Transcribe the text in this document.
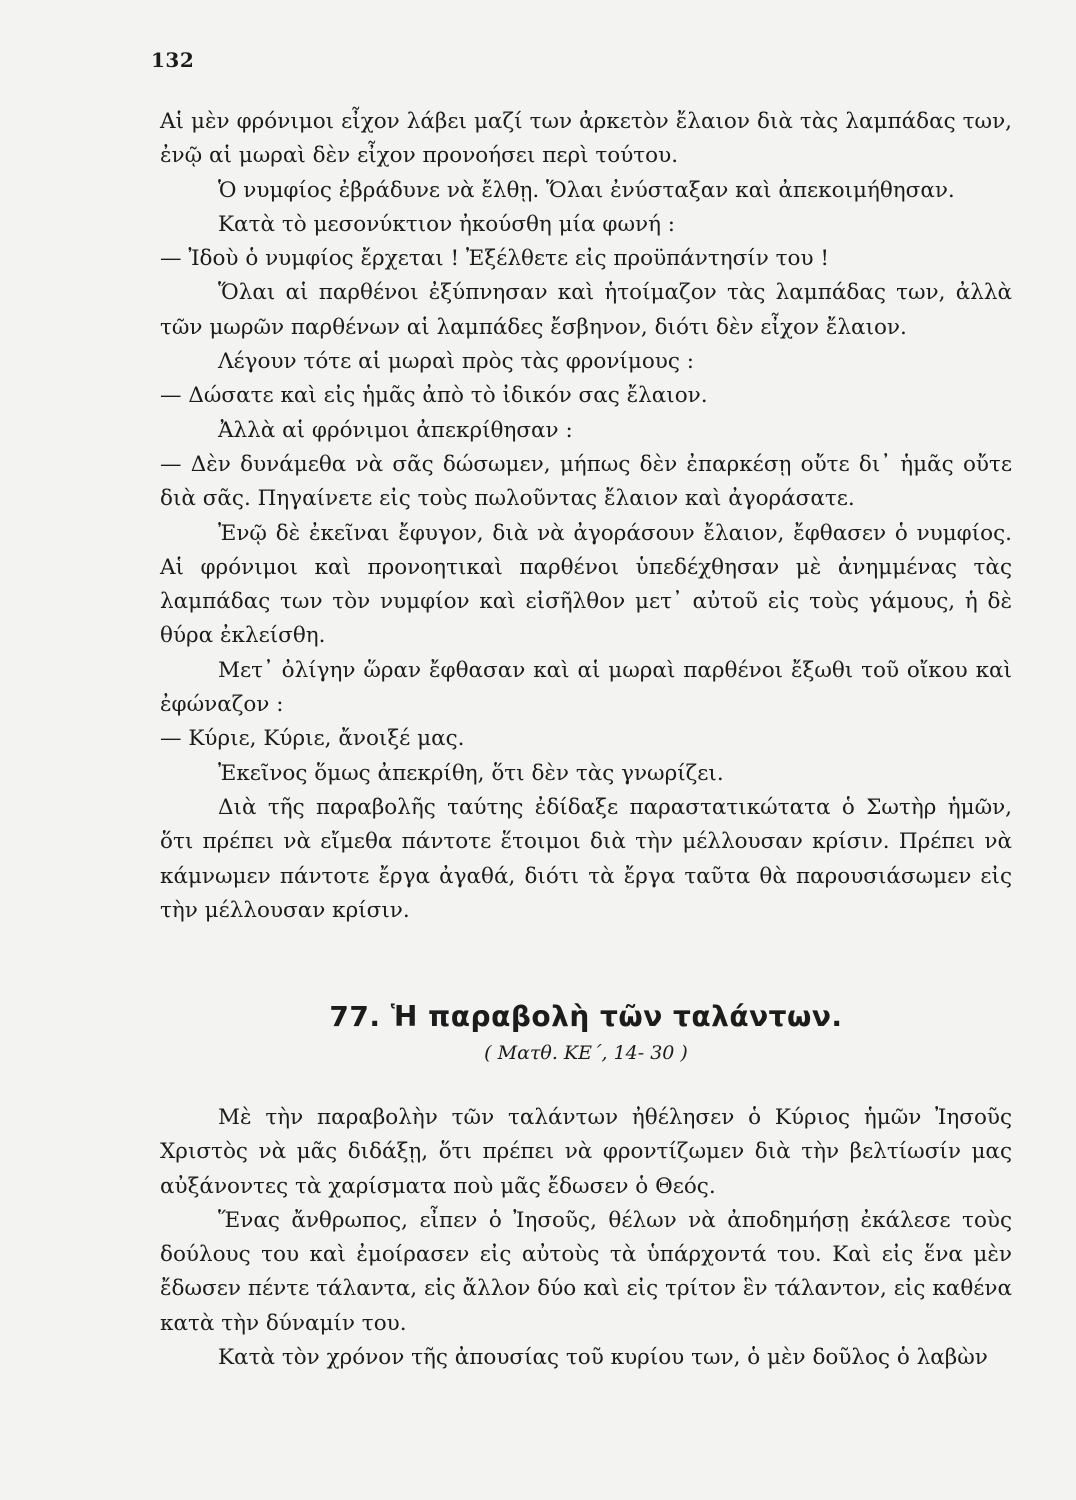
132

Αἱ μὲν φρόνιμοι εἶχον λάβει μαζί των ἀρκετὸν ἔλαιον διὰ τὰς λαμπάδας των, ἐνῷ αἱ μωραὶ δὲν εἶχον προνοήσει περὶ τούτου.

Ὁ νυμφίος ἐβράδυνε νὰ ἔλθῃ. Ὅλαι ἐνύσταξαν καὶ ἀπεκοιμήθησαν.

Κατὰ τὸ μεσονύκτιον ἠκούσθη μία φωνή :

— Ἰδοὺ ὁ νυμφίος ἔρχεται ! Ἐξέλθετε εἰς προϋπάντησίν του !

Ὅλαι αἱ παρθένοι ἐξύπνησαν καὶ ἡτοίμαζον τὰς λαμπάδας των, ἀλλὰ τῶν μωρῶν παρθένων αἱ λαμπάδες ἔσβηνον, διότι δὲν εἶχον ἔλαιον.

Λέγουν τότε αἱ μωραὶ πρὸς τὰς φρονίμους :

— Δώσατε καὶ εἰς ἡμᾶς ἀπὸ τὸ ἰδικόν σας ἔλαιον.

Ἀλλὰ αἱ φρόνιμοι ἀπεκρίθησαν :

— Δὲν δυνάμεθα νὰ σᾶς δώσωμεν, μήπως δὲν ἐπαρκέσῃ οὔτε δι᾽ ἡμᾶς οὔτε διὰ σᾶς. Πηγαίνετε εἰς τοὺς πωλοῦντας ἔλαιον καὶ ἀγοράσατε.

Ἐνῷ δὲ ἐκεῖναι ἔφυγον, διὰ νὰ ἀγοράσουν ἔλαιον, ἔφθασεν ὁ νυμφίος. Αἱ φρόνιμοι καὶ προνοητικαὶ παρθένοι ὑπεδέχθησαν μὲ ἀνημμένας τὰς λαμπάδας των τὸν νυμφίον καὶ εἰσῆλθον μετ᾽ αὐτοῦ εἰς τοὺς γάμους, ἡ δὲ θύρα ἐκλείσθη.

Μετ᾽ ὀλίγην ὥραν ἔφθασαν καὶ αἱ μωραὶ παρθένοι ἔξωθι τοῦ οἴκου καὶ ἐφώναζον :

— Κύριε, Κύριε, ἄνοιξέ μας.

Ἐκεῖνος ὅμως ἀπεκρίθη, ὅτι δὲν τὰς γνωρίζει.

Διὰ τῆς παραβολῆς ταύτης ἐδίδαξε παραστατικώτατα ὁ Σωτὴρ ἡμῶν, ὅτι πρέπει νὰ εἴμεθα πάντοτε ἕτοιμοι διὰ τὴν μέλλουσαν κρίσιν. Πρέπει νὰ κάμνωμεν πάντοτε ἔργα ἀγαθά, διότι τὰ ἔργα ταῦτα θὰ παρουσιάσωμεν εἰς τὴν μέλλουσαν κρίσιν.

77. Ἡ παραβολὴ τῶν ταλάντων.
( Ματθ. ΚΕ΄, 14- 30 )

Μὲ τὴν παραβολὴν τῶν ταλάντων ἠθέλησεν ὁ Κύριος ἡμῶν Ἰησοῦς Χριστὸς νὰ μᾶς διδάξῃ, ὅτι πρέπει νὰ φροντίζωμεν διὰ τὴν βελτίωσίν μας αὐξάνοντες τὰ χαρίσματα ποὺ μᾶς ἔδωσεν ὁ Θεός.

Ἕνας ἄνθρωπος, εἶπεν ὁ Ἰησοῦς, θέλων νὰ ἀποδημήσῃ ἐκάλεσε τοὺς δούλους του καὶ ἐμοίρασεν εἰς αὐτοὺς τὰ ὑπάρχοντά του. Καὶ εἰς ἕνα μὲν ἔδωσεν πέντε τάλαντα, εἰς ἄλλον δύο καὶ εἰς τρίτον ἓν τάλαντον, εἰς καθένα κατὰ τὴν δύναμίν του.

Κατὰ τὸν χρόνον τῆς ἀπουσίας τοῦ κυρίου των, ὁ μὲν δοῦλος ὁ λαβὼν
